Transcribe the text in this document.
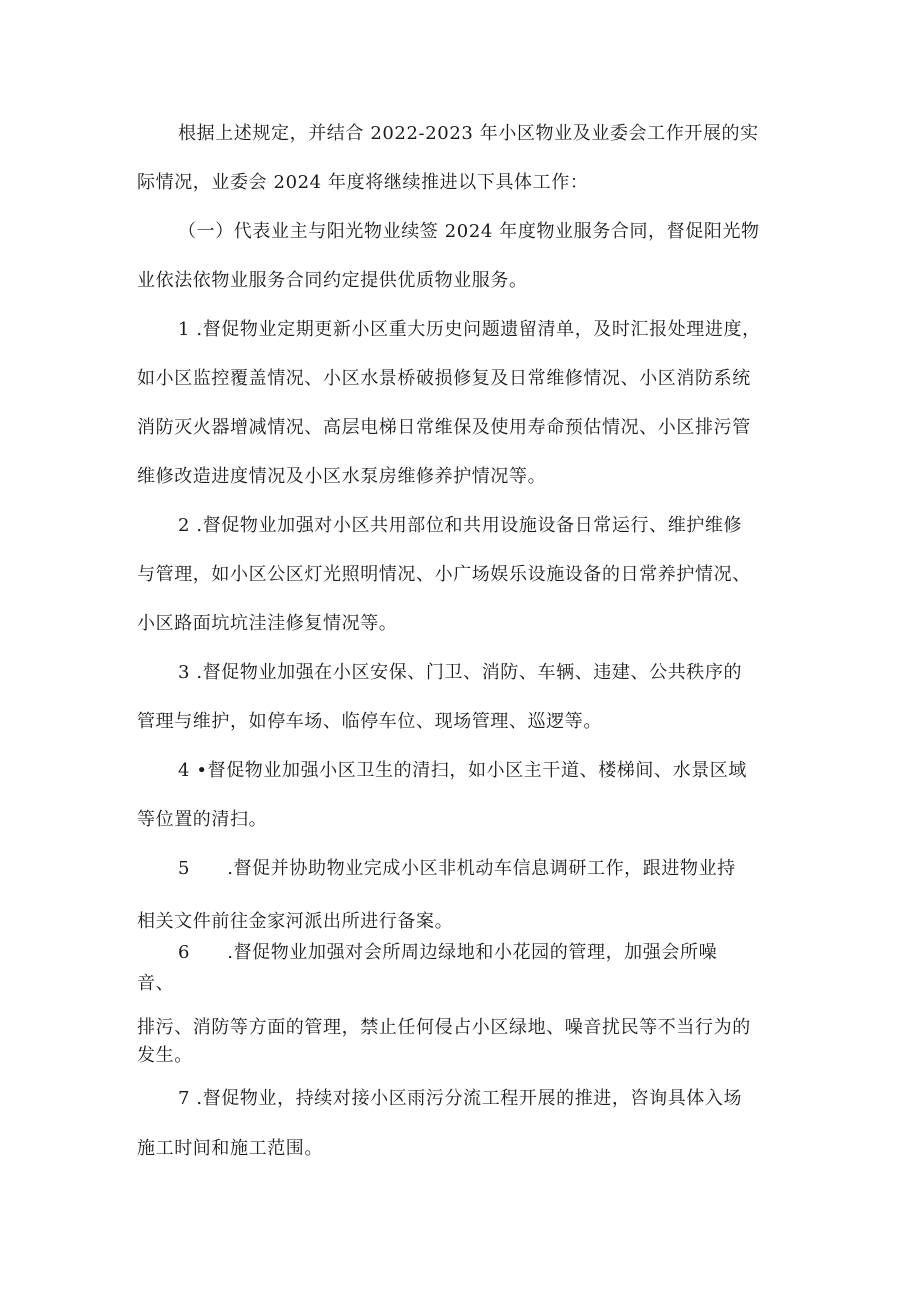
根据上述规定，并结合 2022-2023 年小区物业及业委会工作开展的实
际情况，业委会 2024 年度将继续推进以下具体工作：
（一）代表业主与阳光物业续签 2024 年度物业服务合同，督促阳光物
业依法依物业服务合同约定提供优质物业服务。
1 .督促物业定期更新小区重大历史问题遗留清单，及时汇报处理进度，
如小区监控覆盖情况、小区水景桥破损修复及日常维修情况、小区消防系统
消防灭火器增减情况、高层电梯日常维保及使用寿命预估情况、小区排污管
维修改造进度情况及小区水泵房维修养护情况等。
2 .督促物业加强对小区共用部位和共用设施设备日常运行、维护维修
与管理，如小区公区灯光照明情况、小广场娱乐设施设备的日常养护情况、
小区路面坑坑洼洼修复情况等。
3 .督促物业加强在小区安保、门卫、消防、车辆、违建、公共秩序的
管理与维护，如停车场、临停车位、现场管理、巡逻等。
4 •督促物业加强小区卫生的清扫，如小区主干道、楼梯间、水景区域
等位置的清扫。
5　　.督促并协助物业完成小区非机动车信息调研工作，跟进物业持
相关文件前往金家河派出所进行备案。
6　　.督促物业加强对会所周边绿地和小花园的管理，加强会所噪
音、
排污、消防等方面的管理，禁止任何侵占小区绿地、噪音扰民等不当行为的
发生。
7 .督促物业，持续对接小区雨污分流工程开展的推进，咨询具体入场
施工时间和施工范围。
